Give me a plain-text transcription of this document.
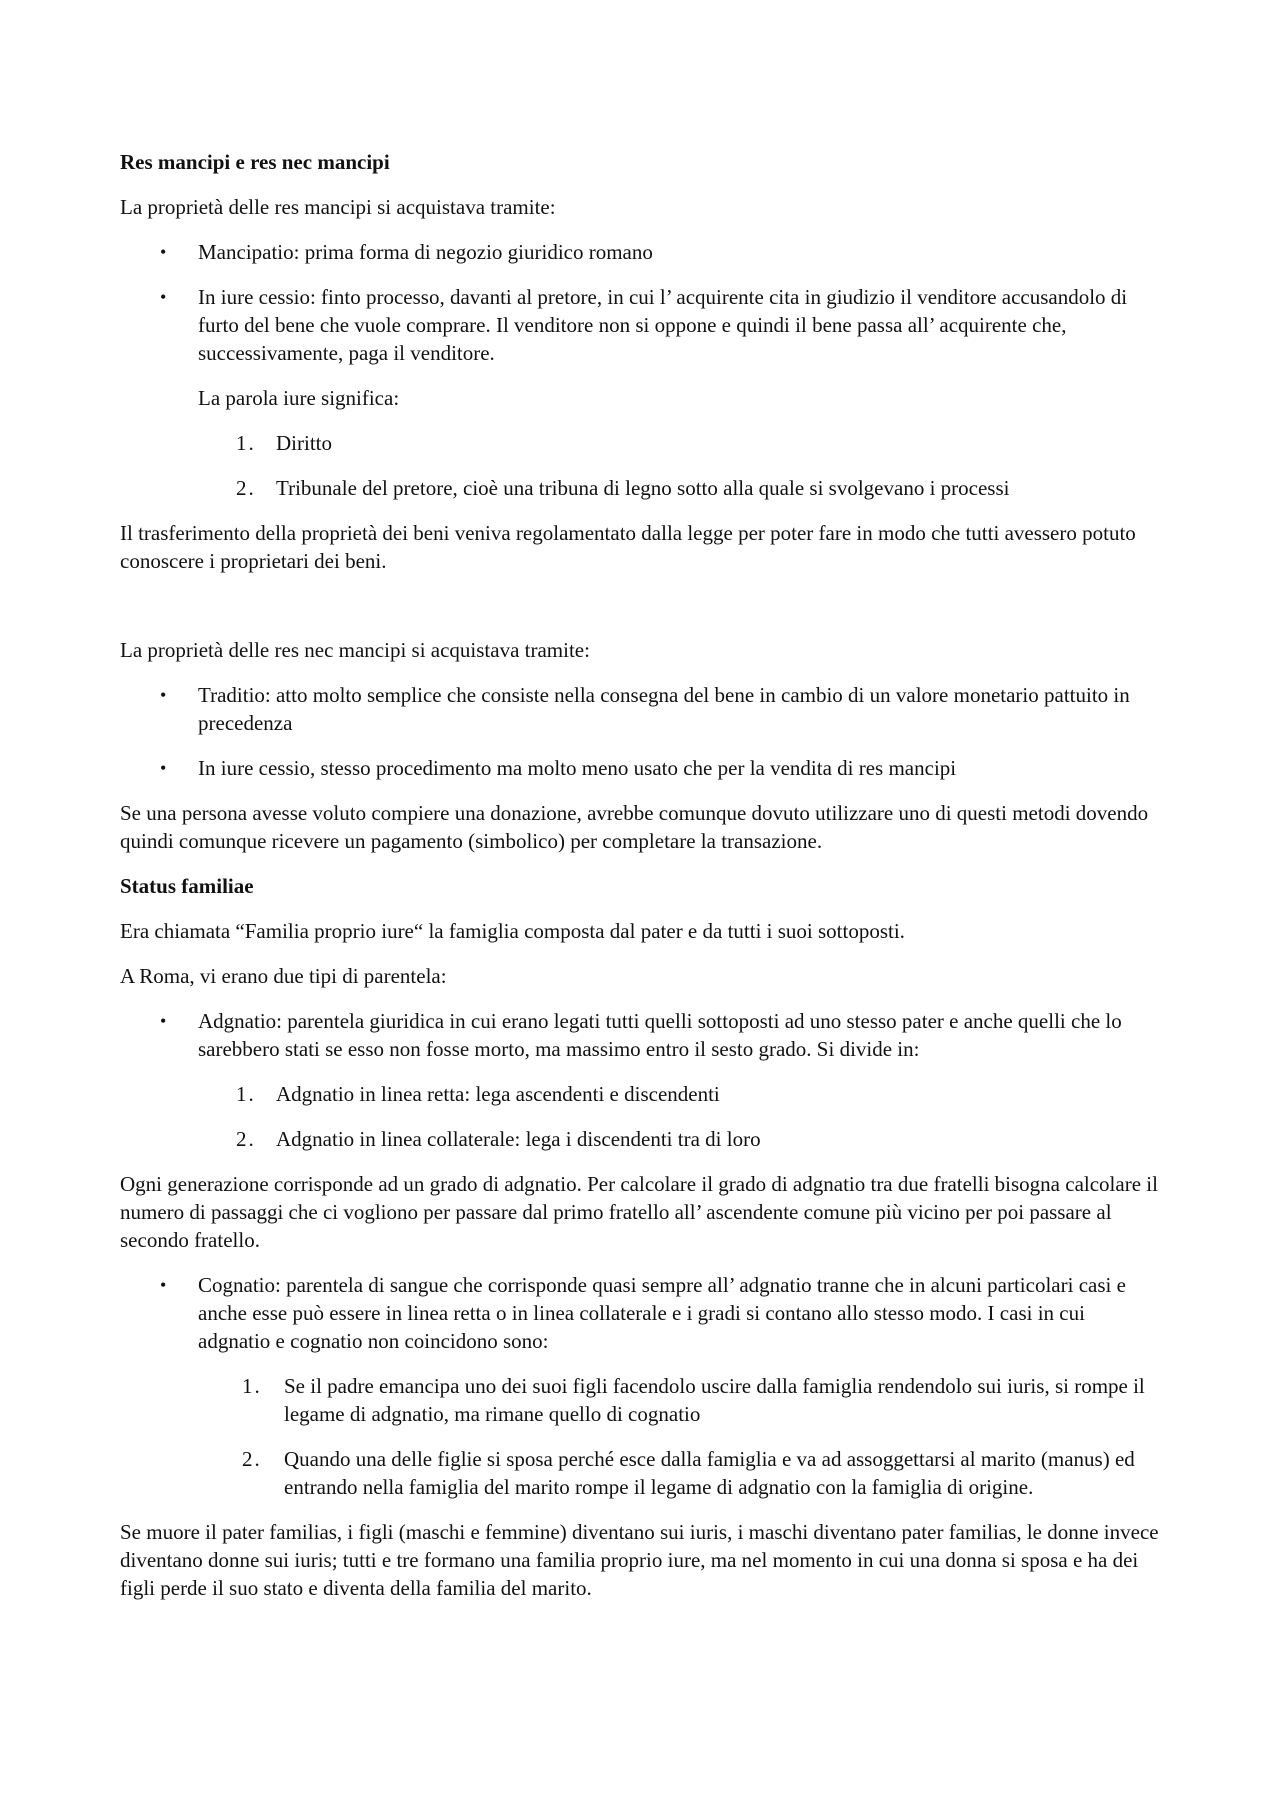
Res mancipi e res nec mancipi

La proprietà delle res mancipi si acquistava tramite:

• Mancipatio: prima forma di negozio giuridico romano
• In iure cessio: finto processo, davanti al pretore, in cui l’ acquirente cita in giudizio il venditore accusandolo di furto del bene che vuole comprare. Il venditore non si oppone e quindi il bene passa all’ acquirente che, successivamente, paga il venditore.

La parola iure significa:

1. Diritto
2. Tribunale del pretore, cioè una tribuna di legno sotto alla quale si svolgevano i processi

Il trasferimento della proprietà dei beni veniva regolamentato dalla legge per poter fare in modo che tutti avessero potuto conoscere i proprietari dei beni.

La proprietà delle res nec mancipi si acquistava tramite:

• Traditio: atto molto semplice che consiste nella consegna del bene in cambio di un valore monetario pattuito in precedenza
• In iure cessio, stesso procedimento ma molto meno usato che per la vendita di res mancipi

Se una persona avesse voluto compiere una donazione, avrebbe comunque dovuto utilizzare uno di questi metodi dovendo quindi comunque ricevere un pagamento (simbolico) per completare la transazione.

Status familiae

Era chiamata “Familia proprio iure“ la famiglia composta dal pater e da tutti i suoi sottoposti.

A Roma, vi erano due tipi di parentela:

• Adgnatio: parentela giuridica in cui erano legati tutti quelli sottoposti ad uno stesso pater e anche quelli che lo sarebbero stati se esso non fosse morto, ma massimo entro il sesto grado. Si divide in:
1. Adgnatio in linea retta: lega ascendenti e discendenti
2. Adgnatio in linea collaterale: lega i discendenti tra di loro

Ogni generazione corrisponde ad un grado di adgnatio. Per calcolare il grado di adgnatio tra due fratelli bisogna calcolare il numero di passaggi che ci vogliono per passare dal primo fratello all’ ascendente comune più vicino per poi passare al secondo fratello.

• Cognatio: parentela di sangue che corrisponde quasi sempre all’ adgnatio tranne che in alcuni particolari casi e anche esse può essere in linea retta o in linea collaterale e i gradi si contano allo stesso modo. I casi in cui adgnatio e cognatio non coincidono sono:
1. Se il padre emancipa uno dei suoi figli facendolo uscire dalla famiglia rendendolo sui iuris, si rompe il legame di adgnatio, ma rimane quello di cognatio
2. Quando una delle figlie si sposa perché esce dalla famiglia e va ad assoggettarsi al marito (manus) ed entrando nella famiglia del marito rompe il legame di adgnatio con la famiglia di origine.

Se muore il pater familias, i figli (maschi e femmine) diventano sui iuris, i maschi diventano pater familias, le donne invece diventano donne sui iuris; tutti e tre formano una familia proprio iure, ma nel momento in cui una donna si sposa e ha dei figli perde il suo stato e diventa della familia del marito.
